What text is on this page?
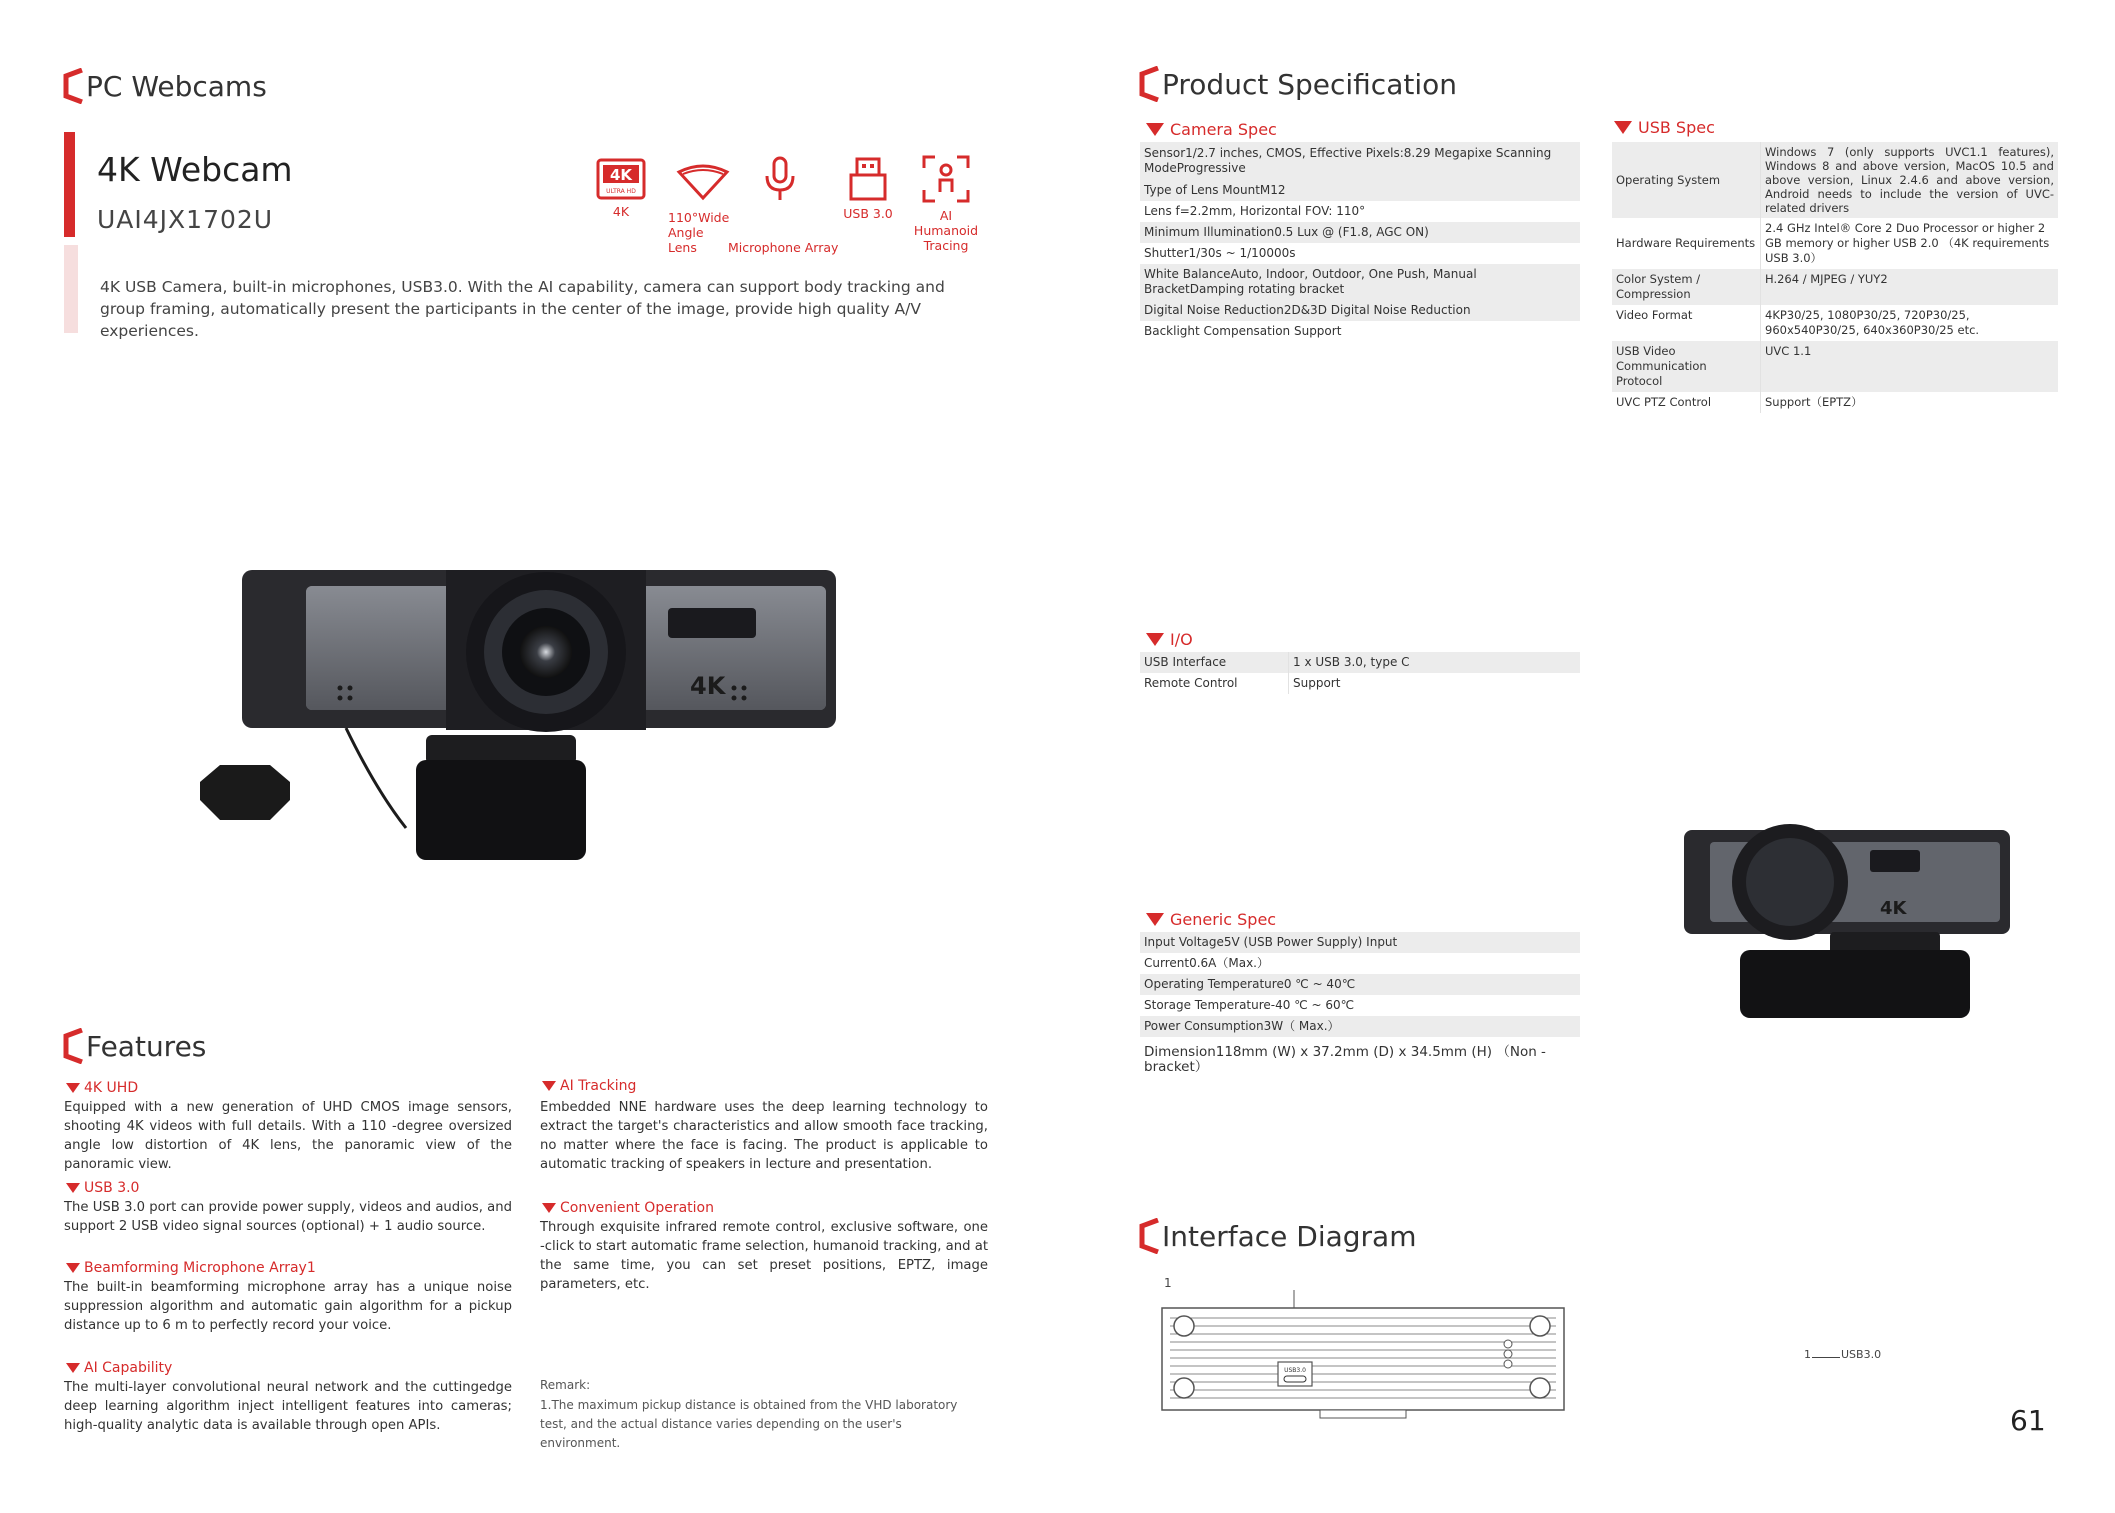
PC Webcams
4K Webcam
UAI4JX1702U
4K
ULTRA HD
4K	110°Wide Angle Lens Microphone Array
USB 3.0	AI Humanoid Tracing
4K USB Camera, built-in microphones, USB3.0. With the AI capability, camera can support body tracking and group framing, automatically present the participants in the center of the image, provide high quality A/V experiences.
4K
Features
4K UHD
Equipped with a new generation of UHD CMOS image sensors, shooting 4K videos with full details. With a 110 -degree oversized angle low distortion of 4K lens, the panoramic view of the panoramic view.
USB 3.0
The USB 3.0 port can provide power supply, videos and audios, and support 2 USB video signal sources (optional) + 1 audio source.
Beamforming Microphone Array1
The built-in beamforming microphone array has a unique noise suppression algorithm and automatic gain algorithm for a pickup distance up to 6 m to perfectly record your voice.
AI Capability
The multi-layer convolutional neural network and the cuttingedge deep learning algorithm inject intelligent features into cameras; high-quality analytic data is available through open APIs.
AI Tracking
Embedded NNE hardware uses the deep learning technology to extract the target's characteristics and allow smooth face tracking, no matter where the face is facing. The product is applicable to automatic tracking of speakers in lecture and presentation.
Convenient Operation
Through exquisite infrared remote control, exclusive software, one -click to start automatic frame selection, humanoid tracking, and at the same time, you can set preset positions, EPTZ, image parameters, etc.
Remark:
1.The maximum pickup distance is obtained from the VHD laboratory test, and the actual distance varies depending on the user's environment.
Product Specification
Camera Spec
Sensor1/2.7 inches, CMOS, Effective Pixels:8.29 Megapixe Scanning ModeProgressive
Type of Lens MountM12
Lens f=2.2mm, Horizontal FOV: 110°
Minimum Illumination0.5 Lux @ (F1.8, AGC ON)
Shutter1/30s ~ 1/10000s
White BalanceAuto, Indoor, Outdoor, One Push, Manual BracketDamping rotating bracket
Digital Noise Reduction2D&3D Digital Noise Reduction
Backlight Compensation Support
USB Spec
Operating System	Windows 7 (only supports UVC1.1 features), Windows 8 and above version, MacOS 10.5 and above version, Linux 2.4.6 and above version, Android needs to include the version of UVC- related drivers
Hardware Requirements	2.4 GHz Intel® Core 2 Duo Processor or higher 2 GB memory or higher USB 2.0 （4K requirements USB 3.0）
Color System / Compression	H.264 / MJPEG / YUY2
Video Format	4KP30/25, 1080P30/25, 720P30/25, 960x540P30/25, 640x360P30/25 etc.
USB Video Communication Protocol	UVC 1.1
UVC PTZ Control	Support（EPTZ）
I/O
USB Interface	1 x USB 3.0, type C
Remote Control	Support
Generic Spec
Input Voltage5V (USB Power Supply) Input
Current0.6A（Max.）
Operating Temperature0 ℃ ~ 40℃
Storage Temperature-40 ℃ ~ 60℃
Power Consumption3W（ Max.）
Dimension118mm (W) x 37.2mm (D) x 34.5mm (H) （Non -bracket）
4K
Interface Diagram
1
USB3.0
1	USB3.0
61
